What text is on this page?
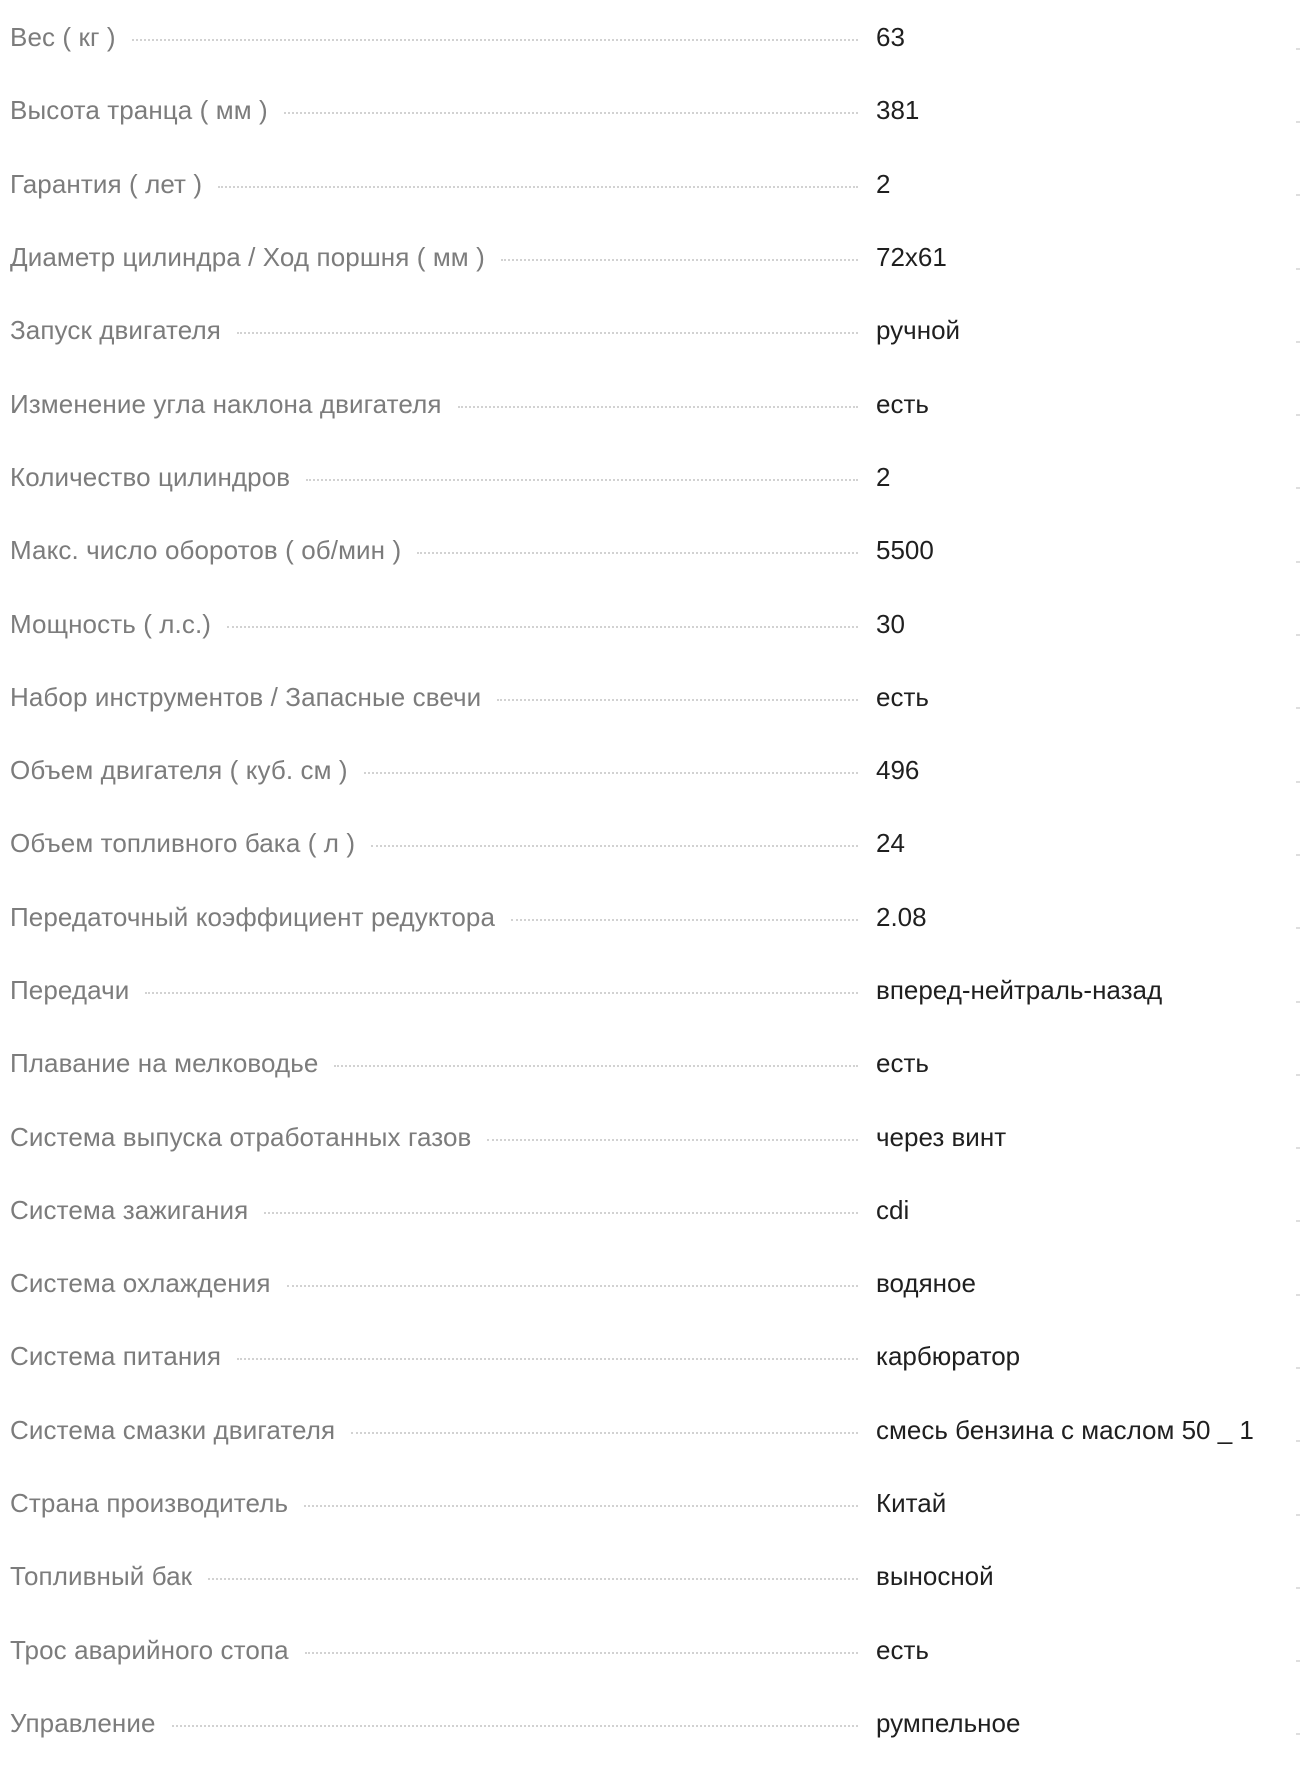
Вес ( кг )	63
Высота транца ( мм )	381
Гарантия ( лет )	2
Диаметр цилиндра / Ход поршня ( мм )	72x61
Запуск двигателя	ручной
Изменение угла наклона двигателя	есть
Количество цилиндров	2
Макс. число оборотов ( об/мин )	5500
Мощность ( л.с.)	30
Набор инструментов / Запасные свечи	есть
Объем двигателя ( куб. см )	496
Объем топливного бака ( л )	24
Передаточный коэффициент редуктора	2.08
Передачи	вперед-нейтраль-назад
Плавание на мелководье	есть
Система выпуска отработанных газов	через винт
Система зажигания	cdi
Система охлаждения	водяное
Система питания	карбюратор
Система смазки двигателя	смесь бензина с маслом 50 _ 1
Страна производитель	Китай
Топливный бак	выносной
Трос аварийного стопа	есть
Управление	румпельное
